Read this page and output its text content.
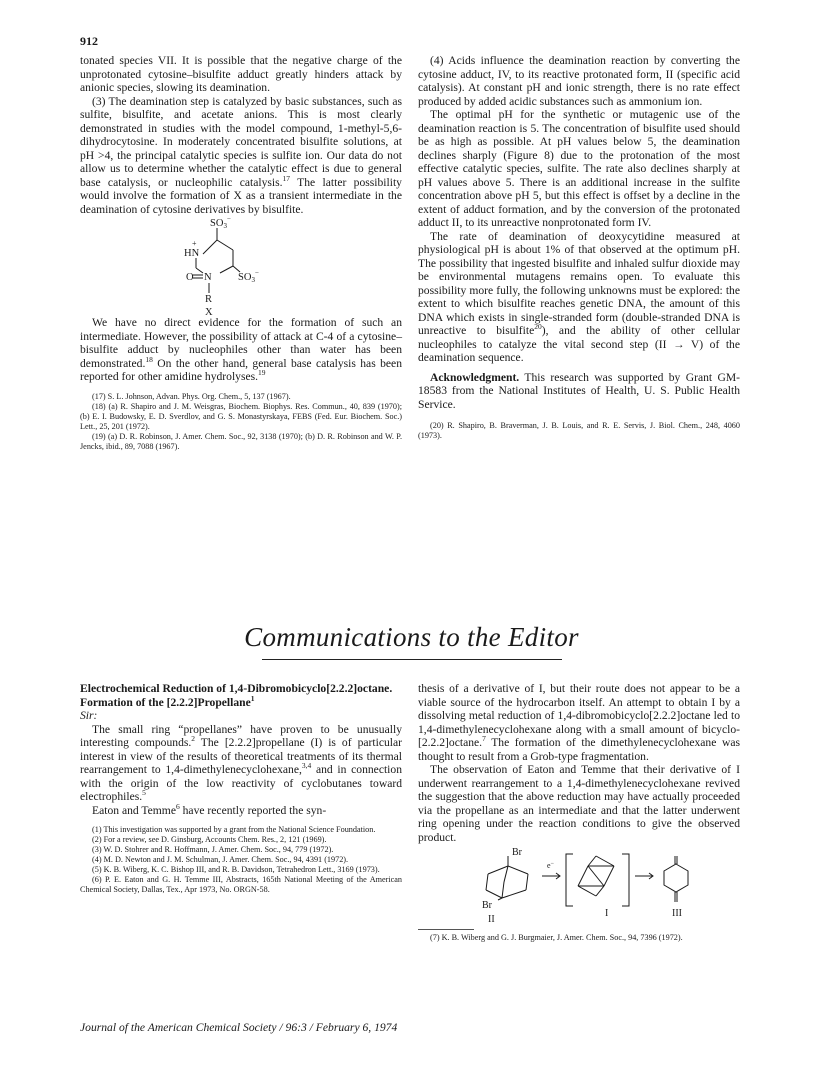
912

tonated species VII. It is possible that the negative charge of the unprotonated cytosine–bisulfite adduct greatly hinders attack by anionic species, slowing its deamination.

(3) The deamination step is catalyzed by basic substances, such as sulfite, bisulfite, and acetate anions. This is most clearly demonstrated in studies with the model compound, 1-methyl-5,6-dihydrocytosine. In moderately concentrated bisulfite solutions, at pH >4, the principal catalytic species is sulfite ion. Our data do not allow us to determine whether the catalytic effect is due to general base catalysis, or nucleophilic catalysis.$^{17}$ The latter possibility would involve the formation of X as a transient intermediate in the deamination of cytosine derivatives by bisulfite.

SO3−
+
HN
O N	SO3−
R
X

We have no direct evidence for the formation of such an intermediate. However, the possibility of attack at C-4 of a cytosine–bisulfite adduct by nucleophiles other than water has been demonstrated.$^{18}$ On the other hand, general base catalysis has been reported for other amidine hydrolyses.$^{19}$

(17) S. L. Johnson, Advan. Phys. Org. Chem., 5, 137 (1967).

(18) (a) R. Shapiro and J. M. Weisgras, Biochem. Biophys. Res. Commun., 40, 839 (1970); (b) E. I. Budowsky, E. D. Sverdlov, and G. S. Monastyrskaya, FEBS (Fed. Eur. Biochem. Soc.) Lett., 25, 201 (1972).

(19) (a) D. R. Robinson, J. Amer. Chem. Soc., 92, 3138 (1970); (b) D. R. Robinson and W. P. Jencks, ibid., 89, 7088 (1967).

(4) Acids influence the deamination reaction by converting the cytosine adduct, IV, to its reactive protonated form, II (specific acid catalysis). At constant pH and ionic strength, there is no rate effect produced by added acidic substances such as ammonium ion.

The optimal pH for the synthetic or mutagenic use of the deamination reaction is 5. The concentration of bisulfite used should be as high as possible. At pH values below 5, the deamination declines sharply (Figure 8) due to the protonation of the most effective catalytic species, sulfite. The rate also declines sharply at pH values above 5. There is an additional increase in the sulfite concentration above pH 5, but this effect is offset by a decline in the extent of adduct formation, and by the conversion of the protonated adduct II, to its unreactive nonprotonated form IV.

The rate of deamination of deoxycytidine measured at physiological pH is about 1% of that observed at the optimum pH. The possibility that ingested bisulfite and inhaled sulfur dioxide may be environmental mutagens remains open. To evaluate this possibility more fully, the following unknowns must be explored: the extent to which bisulfite reaches genetic DNA, the amount of this DNA which exists in single-stranded form (double-stranded DNA is unreactive to bisulfite$^{20}$), and the ability of other cellular nucleophiles to catalyze the vital second step (II → V) of the deamination sequence.

Acknowledgment. This research was supported by Grant GM-18583 from the National Institutes of Health, U. S. Public Health Service.

(20) R. Shapiro, B. Braverman, J. B. Louis, and R. E. Servis, J. Biol. Chem., 248, 4060 (1973).

Communications to the Editor

Electrochemical Reduction of 1,4-Dibromobicyclo[2.2.2]octane. Formation of the [2.2.2]Propellane$^1$

Sir:

The small ring “propellanes” have proven to be unusually interesting compounds.$^2$ The [2.2.2]propellane (I) is of particular interest in view of the results of theoretical treatments of its thermal rearrangement to 1,4-dimethylenecyclohexane,$^{3,4}$ and in connection with the origin of the low reactivity of cyclobutanes toward electrophiles.$^5$

Eaton and Temme$^6$ have recently reported the syn-

(1) This investigation was supported by a grant from the National Science Foundation.

(2) For a review, see D. Ginsburg, Accounts Chem. Res., 2, 121 (1969).

(3) W. D. Stohrer and R. Hoffmann, J. Amer. Chem. Soc., 94, 779 (1972).

(4) M. D. Newton and J. M. Schulman, J. Amer. Chem. Soc., 94, 4391 (1972).

(5) K. B. Wiberg, K. C. Bishop III, and R. B. Davidson, Tetrahedron Lett., 3169 (1973).

(6) P. E. Eaton and G. H. Temme III, Abstracts, 165th National Meeting of the American Chemical Society, Dallas, Tex., Apr 1973, No. ORGN-58.

thesis of a derivative of I, but their route does not appear to be a viable source of the hydrocarbon itself. An attempt to obtain I by a dissolving metal reduction of 1,4-dibromobicyclo[2.2.2]octane led to 1,4-dimethylenecyclohexane along with a small amount of bicyclo-[2.2.2]octane.$^7$ The formation of the dimethylenecyclohexane was thought to result from a Grob-type fragmentation.

The observation of Eaton and Temme that their derivative of I underwent rearrangement to a 1,4-dimethylenecyclohexane revived the suggestion that the above reduction may have actually proceeded via the propellane as an intermediate and that the latter underwent ring opening under the reaction conditions to give the observed product.

Br
Br
e−
II
I	III

(7) K. B. Wiberg and G. J. Burgmaier, J. Amer. Chem. Soc., 94, 7396 (1972).

Journal of the American Chemical Society / 96:3 / February 6, 1974
